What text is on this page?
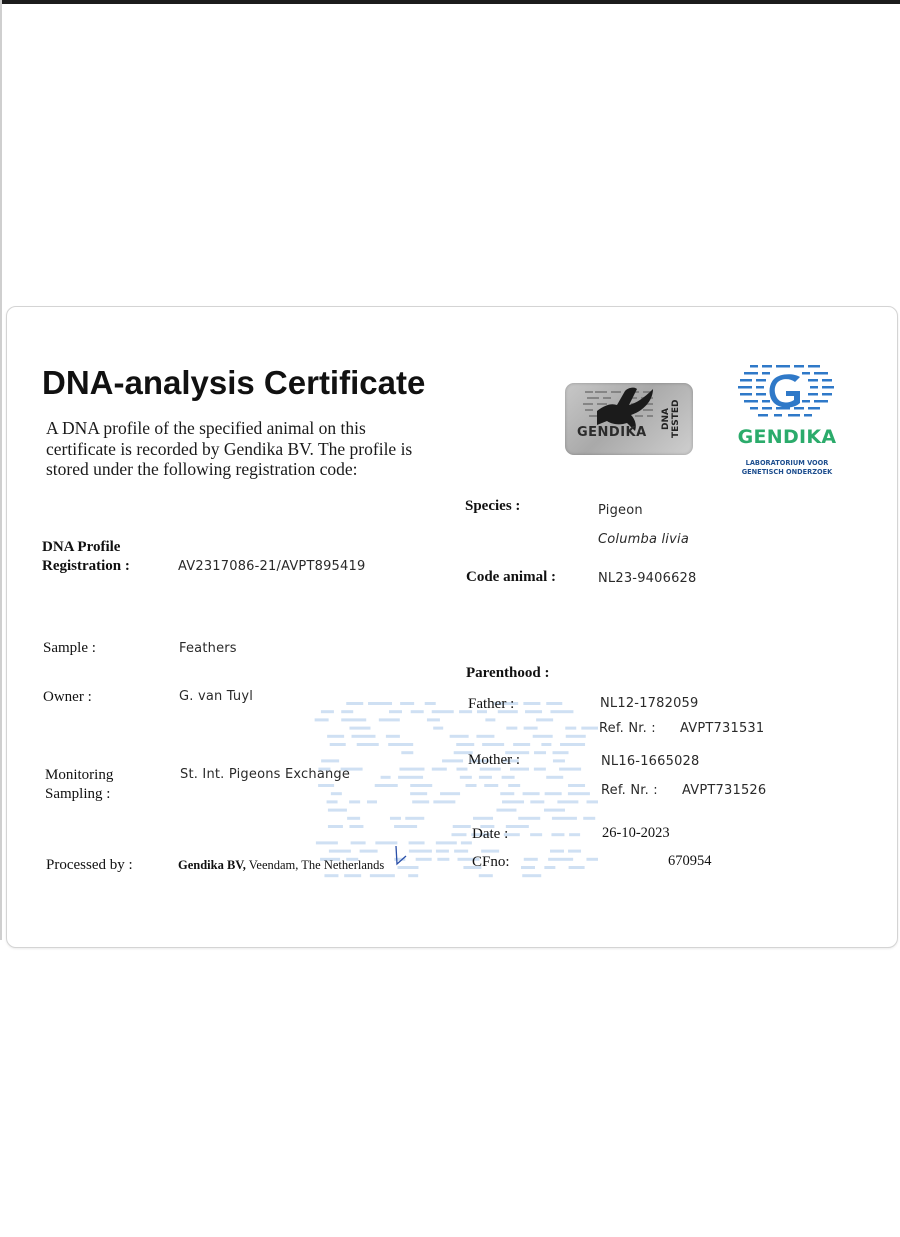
DNA-analysis Certificate
A DNA profile of the specified animal on this certificate is recorded by Gendika BV. The profile is stored under the following registration code:
GENDIKA
DNA TESTED	GENDIKA
LABORATORIUM VOOR
GENETISCH ONDERZOEK
DNA Profile
Registration :	AV2317086-21/AVPT895419
Sample :	Feathers
Owner :	G. van Tuyl
Monitoring
Sampling :
St. Int. Pigeons Exchange
Processed by :	Gendika BV, Veendam, The Netherlands
Species :	Pigeon
Columba livia
Code animal :	NL23-9406628
Parenthood :
Father :	NL12-1782059
Ref. Nr. : AVPT731531
Mother :	NL16-1665028
Ref. Nr. : AVPT731526
Date :	26-10-2023
CFno:	670954
